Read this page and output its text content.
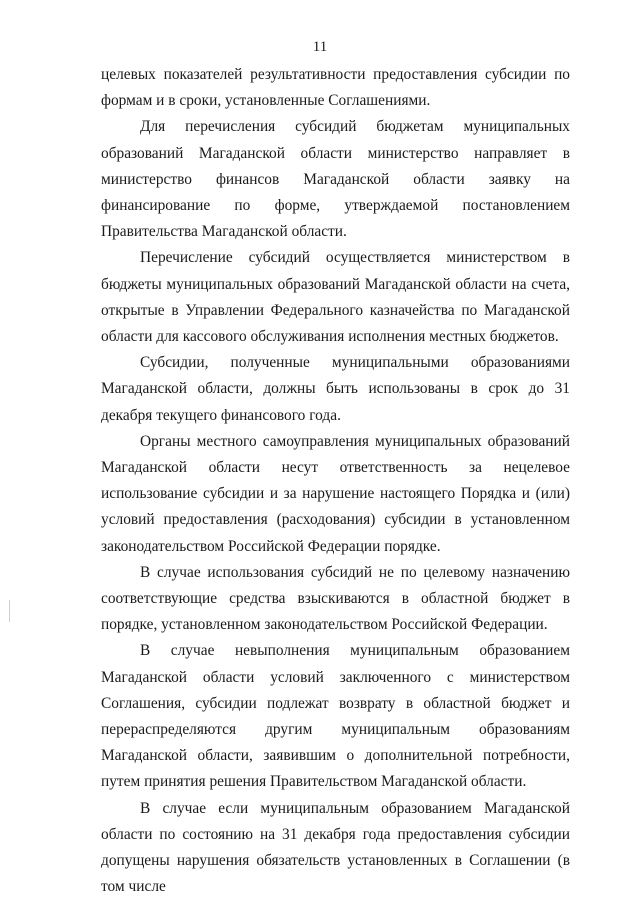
11

целевых показателей результативности предоставления субсидии по формам и в сроки, установленные Соглашениями.

Для перечисления субсидий бюджетам муниципальных образований Магаданской области министерство направляет в министерство финансов Магаданской области заявку на финансирование по форме, утверждаемой постановлением Правительства Магаданской области.

Перечисление субсидий осуществляется министерством в бюджеты муниципальных образований Магаданской области на счета, открытые в Управлении Федерального казначейства по Магаданской области для кассового обслуживания исполнения местных бюджетов.

Субсидии, полученные муниципальными образованиями Магаданской области, должны быть использованы в срок до 31 декабря текущего финансового года.

Органы местного самоуправления муниципальных образований Магаданской области несут ответственность за нецелевое использование субсидии и за нарушение настоящего Порядка и (или) условий предоставления (расходования) субсидии в установленном законодательством Российской Федерации порядке.

В случае использования субсидий не по целевому назначению соответствующие средства взыскиваются в областной бюджет в порядке, установленном законодательством Российской Федерации.

В случае невыполнения муниципальным образованием Магаданской области условий заключенного с министерством Соглашения, субсидии подлежат возврату в областной бюджет и перераспределяются другим муниципальным образованиям Магаданской области, заявившим о дополнительной потребности, путем принятия решения Правительством Магаданской области.

В случае если муниципальным образованием Магаданской области по состоянию на 31 декабря года предоставления субсидии допущены нарушения обязательств установленных в Соглашении (в том числе
